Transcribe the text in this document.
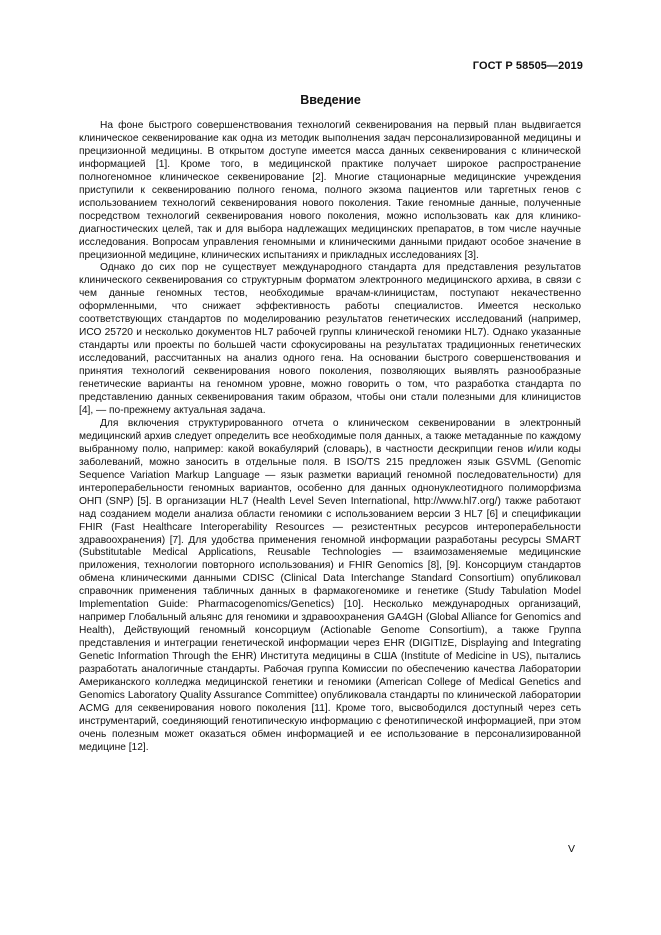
ГОСТ Р 58505—2019
Введение

На фоне быстрого совершенствования технологий секвенирования на первый план выдвигается клиническое секвенирование как одна из методик выполнения задач персонализированной медицины и прецизионной медицины. В открытом доступе имеется масса данных секвенирования с клинической информацией [1]. Кроме того, в медицинской практике получает широкое распространение полногеномное клиническое секвенирование [2]. Многие стационарные медицинские учреждения приступили к секвенированию полного генома, полного экзома пациентов или таргетных генов с использованием технологий секвенирования нового поколения. Такие геномные данные, полученные посредством технологий секвенирования нового поколения, можно использовать как для клинико-диагностических целей, так и для выбора надлежащих медицинских препаратов, в том числе научные исследования. Вопросам управления геномными и клиническими данными придают особое значение в прецизионной медицине, клинических испытаниях и прикладных исследованиях [3].

Однако до сих пор не существует международного стандарта для представления результатов клинического секвенирования со структурным форматом электронного медицинского архива, в связи с чем данные геномных тестов, необходимые врачам-клиницистам, поступают некачественно оформленными, что снижает эффективность работы специалистов. Имеется несколько соответствующих стандартов по моделированию результатов генетических исследований (например, ИСО 25720 и несколько документов HL7 рабочей группы клинической геномики HL7). Однако указанные стандарты или проекты по большей части сфокусированы на результатах традиционных генетических исследований, рассчитанных на анализ одного гена. На основании быстрого совершенствования и принятия технологий секвенирования нового поколения, позволяющих выявлять разнообразные генетические варианты на геномном уровне, можно говорить о том, что разработка стандарта по представлению данных секвенирования таким образом, чтобы они стали полезными для клиницистов [4], — по-прежнему актуальная задача.

Для включения структурированного отчета о клиническом секвенировании в электронный медицинский архив следует определить все необходимые поля данных, а также метаданные по каждому выбранному полю, например: какой вокабулярий (словарь), в частности дескрипции генов и/или коды заболеваний, можно заносить в отдельные поля. В ISO/TS 215 предложен язык GSVML (Genomic Sequence Variation Markup Language — язык разметки вариаций геномной последовательности) для интероперабельности геномных вариантов, особенно для данных однонуклеотидного полиморфизма ОНП (SNP) [5]. В организации HL7 (Health Level Seven International, http://www.hl7.org/) также работают над созданием модели анализа области геномики с использованием версии 3 HL7 [6] и спецификации FHIR (Fast Healthcare Interoperability Resources — резистентных ресурсов интероперабельности здравоохранения) [7]. Для удобства применения геномной информации разработаны ресурсы SMART (Substitutable Medical Applications, Reusable Technologies — взаимозаменяемые медицинские приложения, технологии повторного использования) и FHIR Genomics [8], [9]. Консорциум стандартов обмена клиническими данными CDISC (Clinical Data Interchange Standard Consortium) опубликовал справочник применения табличных данных в фармакогеномике и генетике (Study Tabulation Model Implementation Guide: Pharmacogenomics/Genetics) [10]. Несколько международных организаций, например Глобальный альянс для геномики и здравоохранения GA4GH (Global Alliance for Genomics and Health), Действующий геномный консорциум (Actionable Genome Consortium), а также Группа представления и интеграции генетической информации через EHR (DIGITIzE, Displaying and Integrating Genetic Information Through the EHR) Института медицины в США (Institute of Medicine in US), пытались разработать аналогичные стандарты. Рабочая группа Комиссии по обеспечению качества Лаборатории Американского колледжа медицинской генетики и геномики (American College of Medical Genetics and Genomics Laboratory Quality Assurance Committee) опубликовала стандарты по клинической лаборатории ACMG для секвенирования нового поколения [11]. Кроме того, высвободился доступный через сеть инструментарий, соединяющий генотипическую информацию с фенотипической информацией, при этом очень полезным может оказаться обмен информацией и ее использование в персонализированной медицине [12].

V
